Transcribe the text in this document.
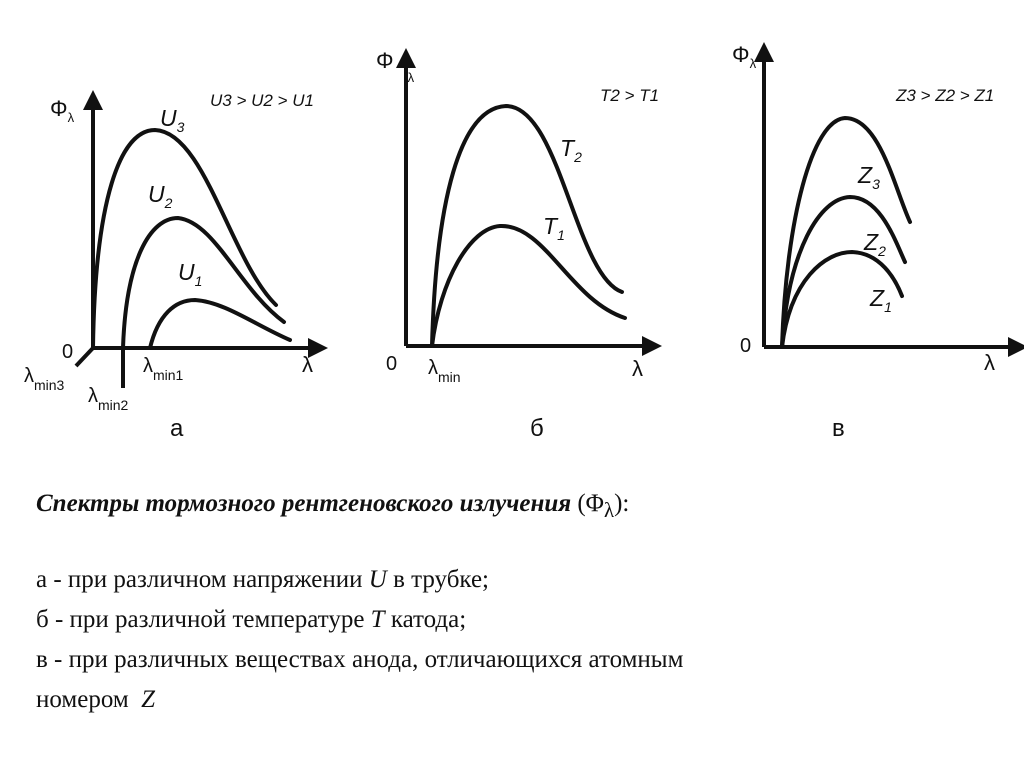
$\Phi_\lambda$
U3 > U2 > U1
$U_3$
$U_2$
$U_1$
0	λ
$\lambda_{min3}$ $\lambda_{min2}$
$\lambda_{min1}$
а
$\Phi_\lambda$
T2 > T1
$T_2$
$T_1$
0	λ
$\lambda_{min}$
б
$\Phi_\lambda$
Z3 > Z2 > Z1
$Z_3$
$Z_2$
$Z_1$
0
λ
в
Спектры тормозного рентгеновского излучения $(\Phi_\lambda)$:
а - при различном напряжении U в трубке;
б - при различной температуре T катода;
в - при различных веществах анода, отличающихся атомным
номером  Z
